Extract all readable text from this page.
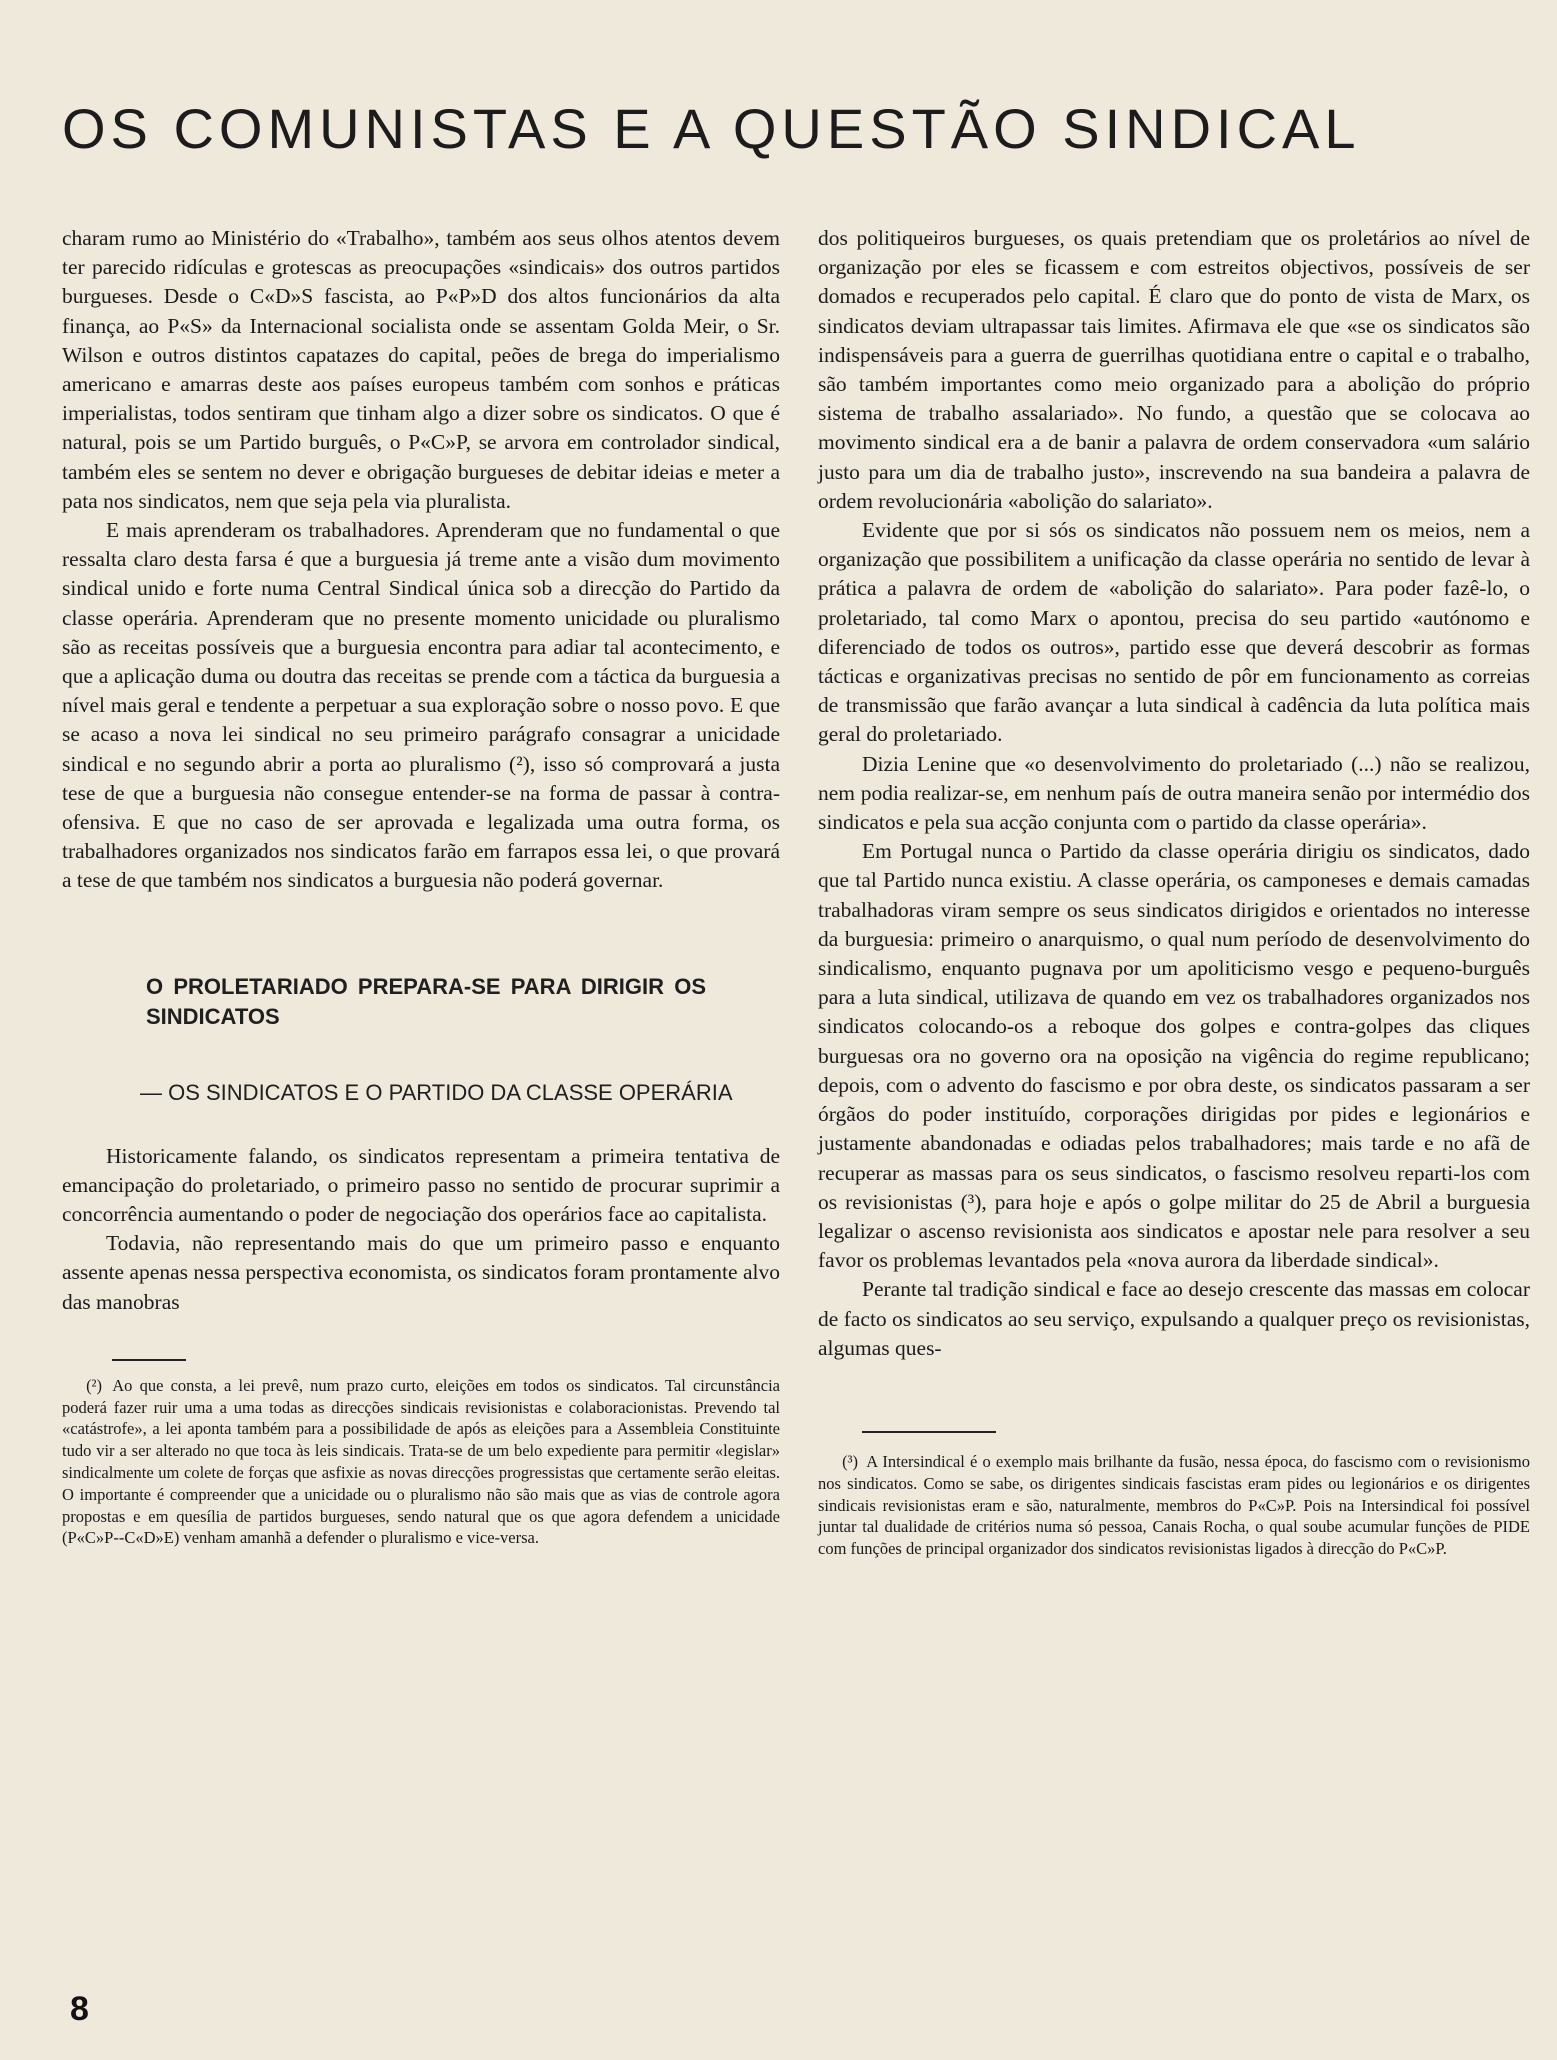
OS COMUNISTAS E A QUESTÃO SINDICAL

charam rumo ao Ministério do «Trabalho», também aos seus olhos atentos devem ter parecido ridículas e grotescas as preocupações «sindicais» dos outros partidos burgueses. Desde o C«D»S fascista, ao P«P»D dos altos funcionários da alta finança, ao P«S» da Internacional socialista onde se assentam Golda Meir, o Sr. Wilson e outros distintos capatazes do capital, peões de brega do imperialismo americano e amarras deste aos países europeus também com sonhos e práticas imperialistas, todos sentiram que tinham algo a dizer sobre os sindicatos. O que é natural, pois se um Partido burguês, o P«C»P, se arvora em controlador sindical, também eles se sentem no dever e obrigação burgueses de debitar ideias e meter a pata nos sindicatos, nem que seja pela via pluralista.

E mais aprenderam os trabalhadores. Aprenderam que no fundamental o que ressalta claro desta farsa é que a burguesia já treme ante a visão dum movimento sindical unido e forte numa Central Sindical única sob a direcção do Partido da classe operária. Aprenderam que no presente momento unicidade ou pluralismo são as receitas possíveis que a burguesia encontra para adiar tal acontecimento, e que a aplicação duma ou doutra das receitas se prende com a táctica da burguesia a nível mais geral e tendente a perpetuar a sua exploração sobre o nosso povo. E que se acaso a nova lei sindical no seu primeiro parágrafo consagrar a unicidade sindical e no segundo abrir a porta ao pluralismo (²), isso só comprovará a justa tese de que a burguesia não consegue entender-se na forma de passar à contra-ofensiva. E que no caso de ser aprovada e legalizada uma outra forma, os trabalhadores organizados nos sindicatos farão em farrapos essa lei, o que provará a tese de que também nos sindicatos a burguesia não poderá governar.

O PROLETARIADO PREPARA-SE PARA DIRIGIR OS SINDICATOS
— OS SINDICATOS E O PARTIDO DA CLASSE OPERÁRIA

Historicamente falando, os sindicatos representam a primeira tentativa de emancipação do proletariado, o primeiro passo no sentido de procurar suprimir a concorrência aumentando o poder de negociação dos operários face ao capitalista.

Todavia, não representando mais do que um primeiro passo e enquanto assente apenas nessa perspectiva economista, os sindicatos foram prontamente alvo das manobras

(²) Ao que consta, a lei prevê, num prazo curto, eleições em todos os sindicatos. Tal circunstância poderá fazer ruir uma a uma todas as direcções sindicais revisionistas e colaboracionistas. Prevendo tal «catástrofe», a lei aponta também para a possibilidade de após as eleições para a Assembleia Constituinte tudo vir a ser alterado no que toca às leis sindicais. Trata-se de um belo expediente para permitir «legislar» sindicalmente um colete de forças que asfixie as novas direcções progressistas que certamente serão eleitas. O importante é compreender que a unicidade ou o pluralismo não são mais que as vias de controle agora propostas e em quesília de partidos burgueses, sendo natural que os que agora defendem a unicidade (P«C»P--C«D»E) venham amanhã a defender o pluralismo e vice-versa.

dos politiqueiros burgueses, os quais pretendiam que os proletários ao nível de organização por eles se ficassem e com estreitos objectivos, possíveis de ser domados e recuperados pelo capital. É claro que do ponto de vista de Marx, os sindicatos deviam ultrapassar tais limites. Afirmava ele que «se os sindicatos são indispensáveis para a guerra de guerrilhas quotidiana entre o capital e o trabalho, são também importantes como meio organizado para a abolição do próprio sistema de trabalho assalariado». No fundo, a questão que se colocava ao movimento sindical era a de banir a palavra de ordem conservadora «um salário justo para um dia de trabalho justo», inscrevendo na sua bandeira a palavra de ordem revolucionária «abolição do salariato».

Evidente que por si sós os sindicatos não possuem nem os meios, nem a organização que possibilitem a unificação da classe operária no sentido de levar à prática a palavra de ordem de «abolição do salariato». Para poder fazê-lo, o proletariado, tal como Marx o apontou, precisa do seu partido «autónomo e diferenciado de todos os outros», partido esse que deverá descobrir as formas tácticas e organizativas precisas no sentido de pôr em funcionamento as correias de transmissão que farão avançar a luta sindical à cadência da luta política mais geral do proletariado.

Dizia Lenine que «o desenvolvimento do proletariado (...) não se realizou, nem podia realizar-se, em nenhum país de outra maneira senão por intermédio dos sindicatos e pela sua acção conjunta com o partido da classe operária».

Em Portugal nunca o Partido da classe operária dirigiu os sindicatos, dado que tal Partido nunca existiu. A classe operária, os camponeses e demais camadas trabalhadoras viram sempre os seus sindicatos dirigidos e orientados no interesse da burguesia: primeiro o anarquismo, o qual num período de desenvolvimento do sindicalismo, enquanto pugnava por um apoliticismo vesgo e pequeno-burguês para a luta sindical, utilizava de quando em vez os trabalhadores organizados nos sindicatos colocando-os a reboque dos golpes e contra-golpes das cliques burguesas ora no governo ora na oposição na vigência do regime republicano; depois, com o advento do fascismo e por obra deste, os sindicatos passaram a ser órgãos do poder instituído, corporações dirigidas por pides e legionários e justamente abandonadas e odiadas pelos trabalhadores; mais tarde e no afã de recuperar as massas para os seus sindicatos, o fascismo resolveu reparti-los com os revisionistas (³), para hoje e após o golpe militar do 25 de Abril a burguesia legalizar o ascenso revisionista aos sindicatos e apostar nele para resolver a seu favor os problemas levantados pela «nova aurora da liberdade sindical».

Perante tal tradição sindical e face ao desejo crescente das massas em colocar de facto os sindicatos ao seu serviço, expulsando a qualquer preço os revisionistas, algumas ques-

(³) A Intersindical é o exemplo mais brilhante da fusão, nessa época, do fascismo com o revisionismo nos sindicatos. Como se sabe, os dirigentes sindicais fascistas eram pides ou legionários e os dirigentes sindicais revisionistas eram e são, naturalmente, membros do P«C»P. Pois na Intersindical foi possível juntar tal dualidade de critérios numa só pessoa, Canais Rocha, o qual soube acumular funções de PIDE com funções de principal organizador dos sindicatos revisionistas ligados à direcção do P«C»P.
8
